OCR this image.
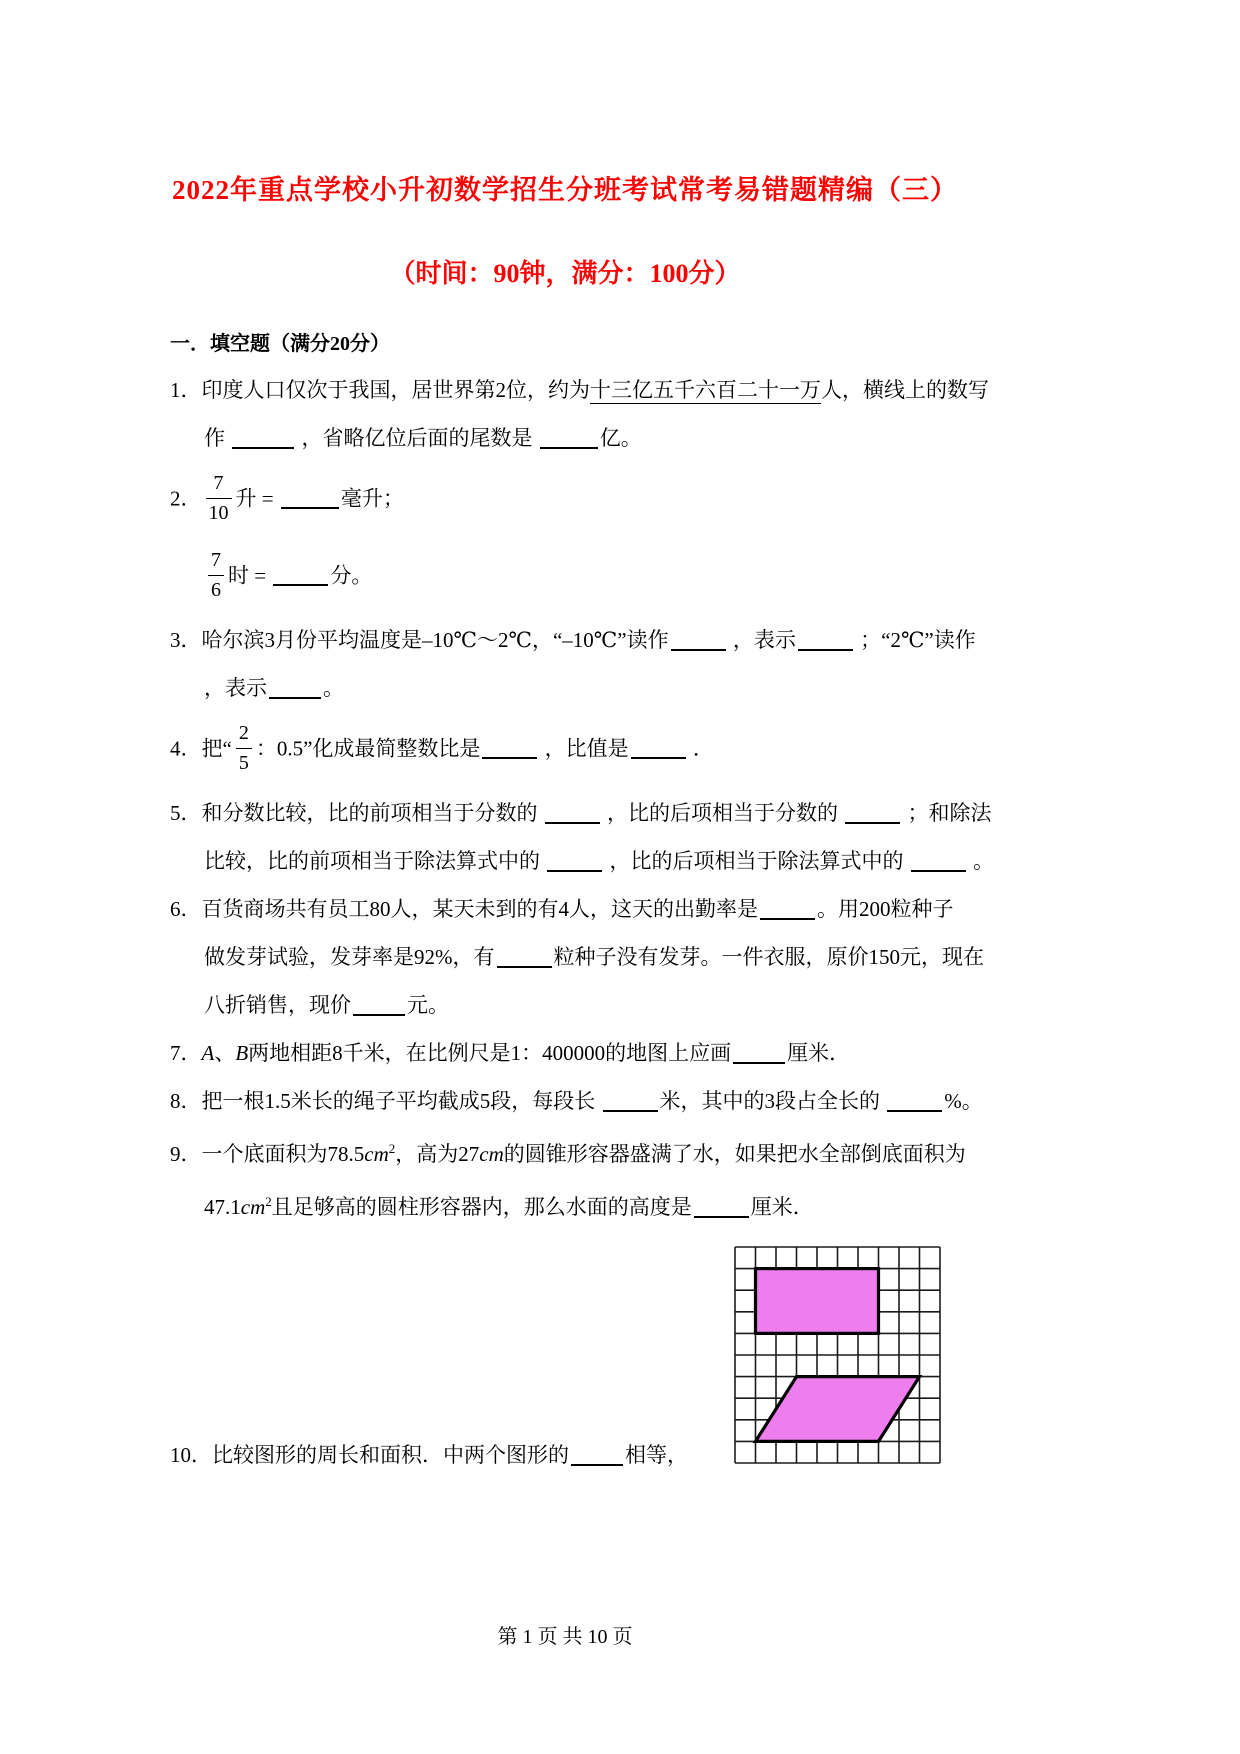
2022年重点学校小升初数学招生分班考试常考易错题精编（三）
（时间：90钟，满分：100分）
一．填空题（满分20分）
1．印度人口仅次于我国，居世界第2位，约为十三亿五千六百二十一万人，横线上的数写
作	，省略亿位后面的尾数是	亿。
2． $\frac{7}{10}$ 升 =	毫升；
$\frac{7}{6}$ 时 =	分。
3．哈尔滨3月份平均温度是–10℃～2℃，“–10℃”读作	，表示	；“2℃”读作
，表示	。
4．把“ $\frac{2}{5}$ ：0.5”化成最简整数比是	，比值是	．
5．和分数比较，比的前项相当于分数的	，比的后项相当于分数的	；和除法
比较，比的前项相当于除法算式中的	，比的后项相当于除法算式中的	。
6．百货商场共有员工80人，某天未到的有4人，这天的出勤率是	。用200粒种子
做发芽试验，发芽率是92%，有	粒种子没有发芽。一件衣服，原价150元，现在
八折销售，现价	元。
7．A、B两地相距8千米，在比例尺是1：400000的地图上应画	厘米．
8．把一根1.5米长的绳子平均截成5段，每段长	米，其中的3段占全长的	%。
9．一个底面积为$78.5cm^2$，高为27cm的圆锥形容器盛满了水，如果把水全部倒底面积为
$47.1cm^2$且足够高的圆柱形容器内，那么水面的高度是	厘米．
10．比较图形的周长和面积．中两个图形的	相等，
第 1 页 共 10 页
